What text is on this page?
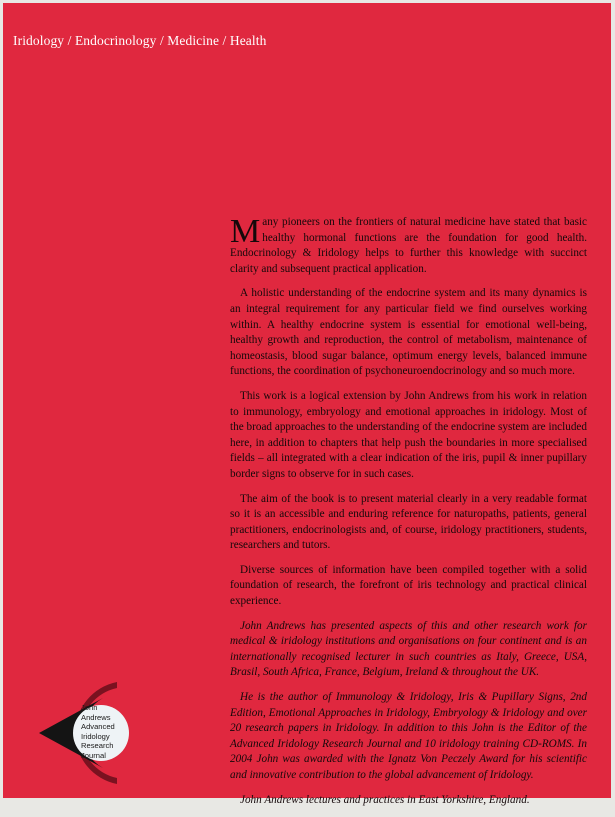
Iridology / Endocrinology / Medicine / Health

Many pioneers on the frontiers of natural medicine have stated that basic healthy hormonal functions are the foundation for good health. Endocrinology & Iridology helps to further this knowledge with succinct clarity and subsequent practical application.

A holistic understanding of the endocrine system and its many dynamics is an integral requirement for any particular field we find ourselves working within. A healthy endocrine system is essential for emotional well-being, healthy growth and reproduction, the control of metabolism, maintenance of homeostasis, blood sugar balance, optimum energy levels, balanced immune functions, the coordination of psychoneuroendocrinology and so much more.

This work is a logical extension by John Andrews from his work in relation to immunology, embryology and emotional approaches in iridology. Most of the broad approaches to the understanding of the endocrine system are included here, in addition to chapters that help push the boundaries in more specialised fields – all integrated with a clear indication of the iris, pupil & inner pupillary border signs to observe for in such cases.

The aim of the book is to present material clearly in a very readable format so it is an accessible and enduring reference for naturopaths, patients, general practitioners, endocrinologists and, of course, iridology practitioners, students, researchers and tutors.

Diverse sources of information have been compiled together with a solid foundation of research, the forefront of iris technology and practical clinical experience.

John Andrews has presented aspects of this and other research work for medical & iridology institutions and organisations on four continent and is an internationally recognised lecturer in such countries as Italy, Greece, USA, Brasil, South Africa, France, Belgium, Ireland & throughout the UK.

He is the author of Immunology & Iridology, Iris & Pupillary Signs, 2nd Edition, Emotional Approaches in Iridology, Embryology & Iridology and over 20 research papers in Iridology. In addition to this John is the Editor of the Advanced Iridology Research Journal and 10 iridology training CD-ROMS. In 2004 John was awarded with the Ignatz Von Peczely Award for his scientific and innovative contribution to the global advancement of Iridology.

John Andrews lectures and practices in East Yorkshire, England.

John
Andrews
Advanced
Iridology
Research
Journal
